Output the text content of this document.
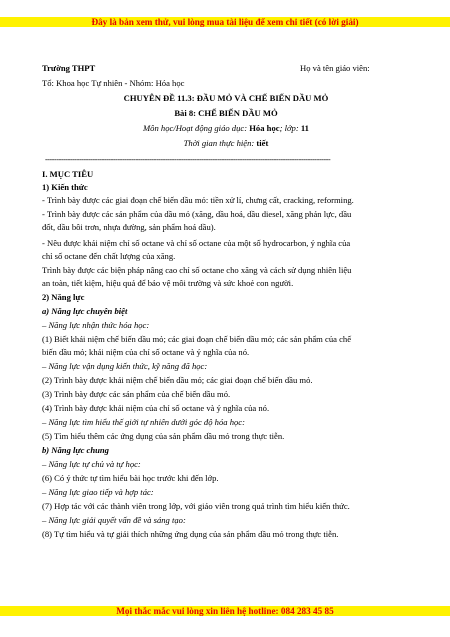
Đây là bản xem thử, vui lòng mua tài liệu để xem chi tiết (có lời giải)
Trường THPT	Họ và tên giáo viên:
Tổ: Khoa học Tự nhiên - Nhóm: Hóa học
CHUYÊN ĐỀ 11.3: ĐẦU MỎ VÀ CHẾ BIẾN DẦU MỎ
Bài 8: CHẾ BIẾN DẦU MỎ
Môn học/Hoạt động giáo dục: Hóa học; lớp: 11
Thời gian thực hiện: tiết
------------------------------------------------------------------------------------------------------------------------------
I. MỤC TIÊU
1) Kiến thức
- Trình bày được các giai đoạn chế biến dầu mỏ: tiền xử lí, chưng cất, cracking, reforming.
- Trình bày được các sản phẩm của dầu mỏ (xăng, dầu hoả, dầu diesel, xăng phản lực, dầu
đốt, dầu bôi trơn, nhựa đường, sản phẩm hoá dầu).
- Nêu được khái niệm chỉ số octane và chỉ số octane của một số hydrocarbon, ý nghĩa của
chỉ số octane đến chất lượng của xăng.
Trình bày được các biện pháp nâng cao chỉ số octane cho xăng và cách sử dụng nhiên liệu
an toàn, tiết kiệm, hiệu quả để bảo vệ môi trường và sức khoẻ con người.
2) Năng lực
a) Năng lực chuyên biệt
– Năng lực nhận thức hóa học:
(1) Biết khái niệm chế biến dầu mỏ; các giai đoạn chế biến dầu mỏ; các sản phẩm của chế
biến dầu mỏ; khái niệm của chỉ số octane và ý nghĩa của nó.
– Năng lực vận dụng kiến thức, kỹ năng đã học:
(2) Trình bày được khái niệm chế biến dầu mỏ; các giai đoạn chế biến dầu mỏ.
(3) Trình bày được các sản phẩm của chế biến dầu mỏ.
(4) Trình bày được khái niệm của chỉ số octane và ý nghĩa của nó.
– Năng lực tìm hiểu thế giới tự nhiên dưới góc độ hóa học:
(5) Tìm hiểu thêm các ứng dụng của sản phẩm dầu mỏ trong thực tiễn.
b) Năng lực chung
– Năng lực tự chủ và tự học:
(6) Có ý thức tự tìm hiểu bài học trước khi đến lớp.
– Năng lực giao tiếp và hợp tác:
(7) Hợp tác với các thành viên trong lớp, với giáo viên trong quá trình tìm hiểu kiến thức.
– Năng lực giải quyết vấn đề và sáng tạo:
(8) Tự tìm hiểu và tự giải thích những ứng dụng của sản phẩm dầu mỏ trong thực tiễn.
Mọi thắc mắc vui lòng xin liên hệ hotline: 084 283 45 85
